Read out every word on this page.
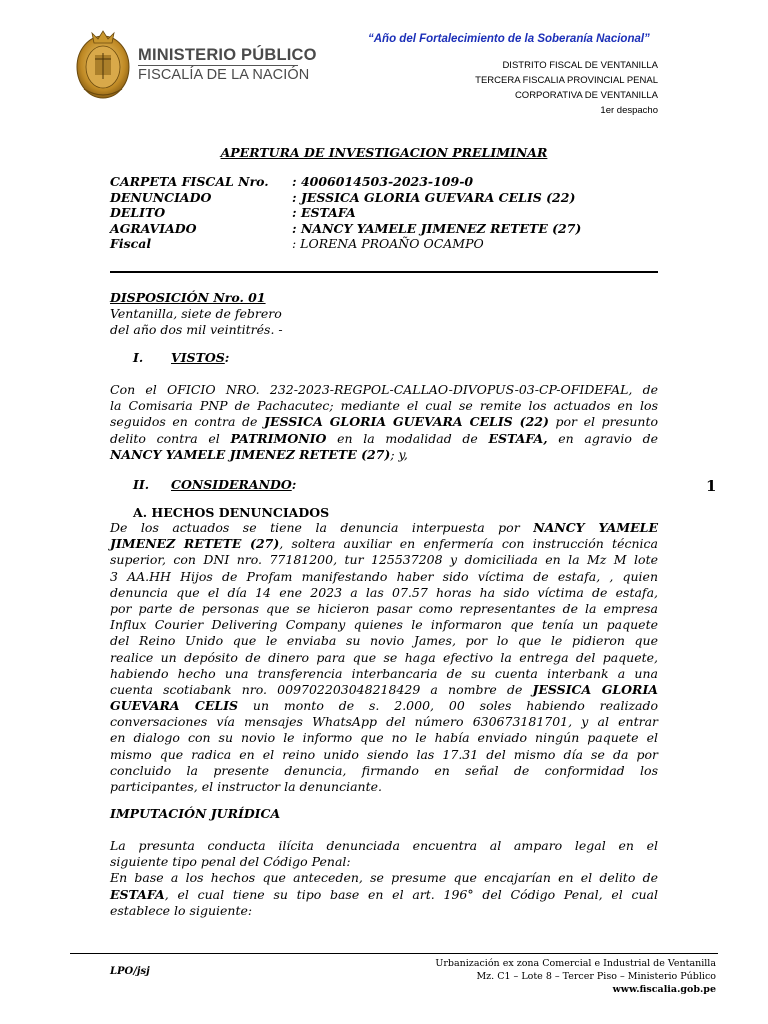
“Año del Fortalecimiento de la Soberanía Nacional”
MINISTERIO PÚBLICO
FISCALÍA DE LA NACIÓN
DISTRITO FISCAL DE VENTANILLA
TERCERA FISCALIA PROVINCIAL PENAL
CORPORATIVA DE VENTANILLA
1er despacho
APERTURA DE INVESTIGACION PRELIMINAR
CARPETA FISCAL Nro. : 4006014503-2023-109-0
DENUNCIADO	: JESSICA GLORIA GUEVARA CELIS (22)
DELITO	: ESTAFA
AGRAVIADO	: NANCY YAMELE JIMENEZ RETETE (27)
Fiscal	: LORENA PROAÑO OCAMPO
DISPOSICIÓN Nro. 01
Ventanilla, siete de febrero
del año dos mil veintitrés. -
I. VISTOS:
Con el OFICIO NRO. 232-2023-REGPOL-CALLAO-DIVOPUS-03-CP-OFIDEFAL, de
la Comisaria PNP de Pachacutec; mediante el cual se remite los actuados en los
seguidos en contra de JESSICA GLORIA GUEVARA CELIS (22) por el presunto
delito contra el PATRIMONIO en la modalidad de ESTAFA, en agravio de
NANCY YAMELE JIMENEZ RETETE (27); y,
II. CONSIDERANDO:	1
A. HECHOS DENUNCIADOS
De los actuados se tiene la denuncia interpuesta por NANCY YAMELE
JIMENEZ RETETE (27), soltera auxiliar en enfermería con instrucción técnica
superior, con DNI nro. 77181200, tur 125537208 y domiciliada en la Mz M lote
3 AA.HH Hijos de Profam manifestando haber sido víctima de estafa, , quien
denuncia que el día 14 ene 2023 a las 07.57 horas ha sido víctima de estafa,
por parte de personas que se hicieron pasar como representantes de la empresa
Influx Courier Delivering Company quienes le informaron que tenía un paquete
del Reino Unido que le enviaba su novio James, por lo que le pidieron que
realice un depósito de dinero para que se haga efectivo la entrega del paquete,
habiendo hecho una transferencia interbancaria de su cuenta interbank a una
cuenta scotiabank nro. 009702203048218429 a nombre de JESSICA GLORIA
GUEVARA CELIS un monto de s. 2.000, 00 soles habiendo realizado
conversaciones vía mensajes WhatsApp del número 630673181701, y al entrar
en dialogo con su novio le informo que no le había enviado ningún paquete el
mismo que radica en el reino unido siendo las 17.31 del mismo día se da por
concluido la presente denuncia, firmando en señal de conformidad los
participantes, el instructor la denunciante.
IMPUTACIÓN JURÍDICA
La presunta conducta ilícita denunciada encuentra al amparo legal en el
siguiente tipo penal del Código Penal:
En base a los hechos que anteceden, se presume que encajarían en el delito de
ESTAFA, el cual tiene su tipo base en el art. 196° del Código Penal, el cual
establece lo siguiente:
LPO/jsj
Urbanización ex zona Comercial e Industrial de Ventanilla
Mz. C1 – Lote 8 – Tercer Piso – Ministerio Público
www.fiscalia.gob.pe
